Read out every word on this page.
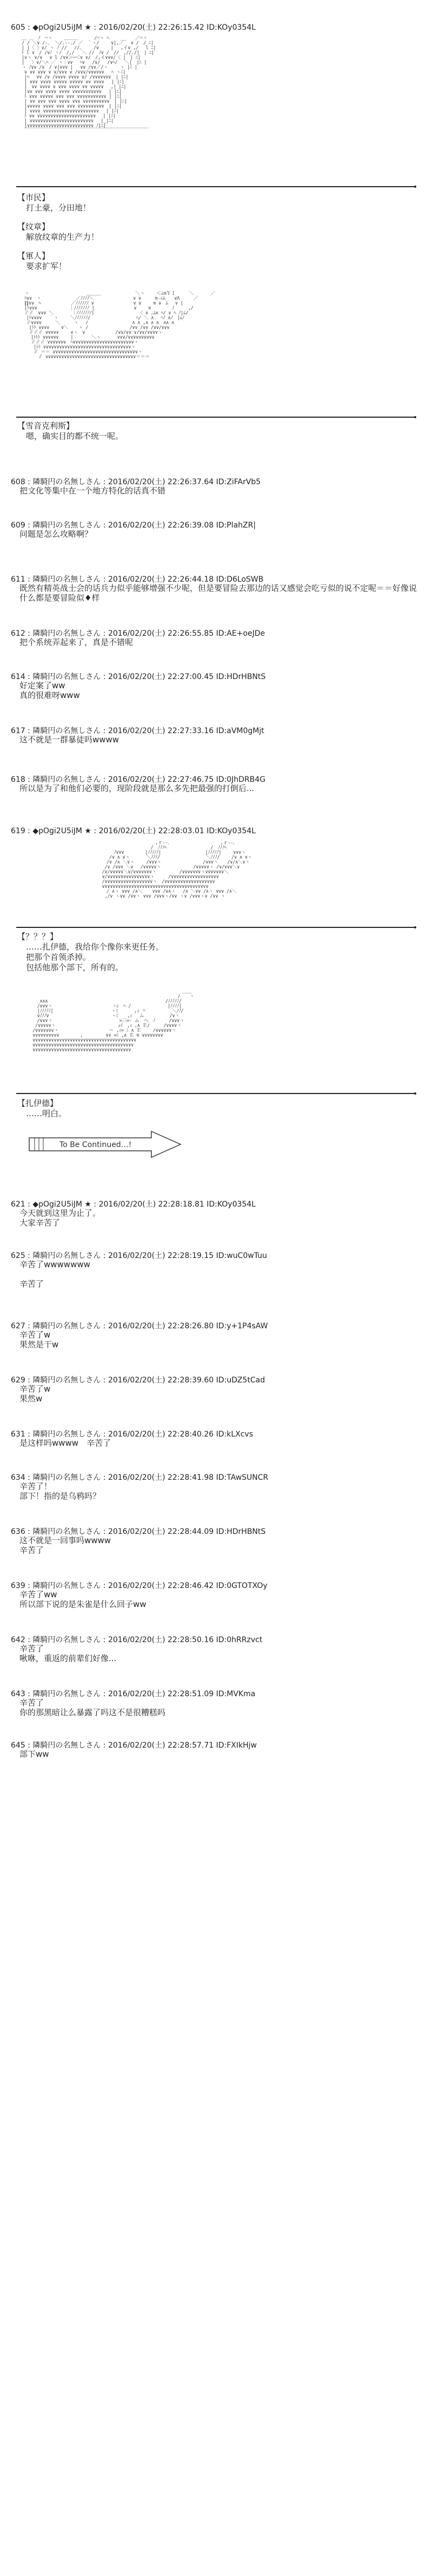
605 : ◆pOgi2U5iJM ★ : 2016/02/20(土) 22:26:15.42 ID:KOy0354L

＿ ＿　ﾉ　⌒ヽ　　 ＿＿＿　　　 /⌒ヽ ﾍ　　 __　　／⌒ヽ
/ / ＼∨ /-、 ＼/.--./ ／　｀ヽ/　　 ∨|,／　 ∨ /　/ ﾆ|
| |〈 〉∨/ ヽ ﾉ //　 //、　　 /∨　　 |　 ,イ∨ ,/　 l ﾆ|
ﾄ l ∨　/ /∨ﾉ ヽ/　/,/　 ＼ //　ﾉ∨ /　//　,//./|　| ﾆ|
|∨ヽ ∨/∨　 ∨ l /∨∨＞─＜∨ ∨/　/,イ∨∨∨/〈 |　| ﾆ|
|　 〉∨/＼ﾍ ／ ヽ｜∨∨　 ﾍ∨　 /∨/　 /∨ﾍ/　 ＼|　|ﾆ |
ヽ ﾉ∨∨ /∨　/ ∨|∨∨∨ |　 ∨∨ /∨∨／/ヽ　　 ヽ |ﾆ |
∨ ∨∨ ∨∨∨ ∨ ∨/∨∨∨ ∨ /∨∨∨/∨∨∨∨∨∨　 ﾍ ヽﾆ|
|ﾍ　 ∨∨ /∨ /∨∨∨∨ ∨∨∨∨ ∨/ /∨∨∨∨∨∨∨　| |ﾆ|
| ∨∨∨ ∨∨∨∨ ∨∨∨∨∨ ∨∨∨∨∨ ∨∨ ∨∨∨∨　 | |ﾆ|
|　∨∨ ∨∨∨∨ ∨ ∨∨∨ ∨∨∨∨ ∨∨ ∨∨∨∨∨　 ,| |ﾆ|
|∨∨ ∨∨∨ ∨∨∨∨ ∨∨∨∨ ∨∨∨∨∨∨∨∨∨∨∨　 | |ﾆ|
ﾄ ∨∨∨ ∨∨∨∨∨ ∨∨∨ ∨∨∨ ∨∨∨∨∨∨∨∨∨∨∨ | |ﾆ|
| ∨∨ ∨∨∨ ∨∨∨ ∨∨∨∨ ∨∨∨ ∨∨∨∨∨∨∨∨∨∨　| |ﾆ|
|∨∨∨∨∨ ∨∨∨∨ ∨∨∨ ∨∨∨ ∨∨∨∨∨∨∨∨∨∨　| |ﾆ|
| ∨∨∨∨ ∨∨∨∨∨∨∨∨∨∨∨∨∨∨∨∨∨∨∨∨∨　 | |ﾆ|
ﾄ ∨∨ ∨∨∨∨∨∨∨∨∨∨∨∨∨∨∨∨∨∨∨∨∨∨　 | |ﾆ|
| ∨∨∨∨∨∨∨∨∨∨∨∨∨∨∨∨∨∨∨∨∨∨∨∨　 |_|ﾆ|
|∨∨∨∨∨∨∨∨∨∨∨∨∨∨∨∨∨∨∨∨∨∨∨∨∨ ﾉ|ﾆ|
￣￣￣￣￣￣￣￣￣￣￣￣￣￣￣￣￣￣￣￣￣￣￣￣￣￣￣

【市民】
打土豪，分田地！
【纹章】
解放纹章的生产力！
【軍人】
要求扩军！

ヽ　　　　　　　　　　　　 ＿＿＿　　　　　　　 ＼ヽ　　 ＜∠≡ＹＩ　　　＼　　　 ／
ﾊ∨∨　ヽ　　　　　　　 ／ﾉﾉﾉﾉ＼　　　　　　　　 ∨ ∨　　　≡-∠ﾑ　　∨Λ　　　／
∥∥∨∨　ﾍ　　　　　　 ／ﾉﾉﾉﾉﾉﾉ ∨　　　　　　　　 ∨ ∨　　 ≡ ∨　ﾑ　 ∨ |
|ﾄ∨∨∨　　　　　　　｜ﾉﾉﾉﾉﾉﾉﾉ |　　　　　　　　 ∨　　 ≡　　　　 ﾉ　　　,/
∥∥　∨∨∨ ＼　　　　｜ﾉﾉﾉﾉﾉﾉﾉ|　　　　　　　　　 〈 ∧ ,ﾑ∧ ﾍ/ ∨ ﾍ ﾉ|ﾑ/
　|ﾄ∨∨∨∨　 ｀ヽ　　 ＼ﾉﾉﾉﾉﾉﾉ/　　　　　　　　　　ﾍ/ ＼ ∧ 　ﾍﾉ ∧ﾉ　|ﾑﾉ
　∥∨∨∨∨　　　＼　　　ヽ　 /　　　　　　　　　 ∧ ∧ ,∧ ∧ ∧　∧∧ ∧
　 |ﾄﾄ ∨∨∨∨　　 ∨＼ 　 ヽ /　　　　　　　　　/∨∨ /∨∨ /∨∨/∨∨∨
　 ∥∥∥ ∨∨∨∨∨　　 ∨ヽ　∨　　　　　　 /∨∨/∨∨ ∨/∨∨/∨∨∨∨ヽ
　　|ﾄﾄﾄ ∨∨∨∨∨∨　　 |　　　　＼ヽ　　　 ∨∨∨/∨∨∨∨∨∨∨∨∨∨
　　∥∥∥ ∨∨∨∨∨∨∨　ﾍ∨∨∨∨∨∨∨∨∨∨∨∨∨∨∨∨∨∨∨∨∨∨∨ヽ
　　 |ﾄﾄ ∨∨∨∨∨∨∨∨∨∨∨∨∨∨∨∨∨∨∨∨∨∨∨∨∨∨∨∨∨∨∨∨∨ヽ
　　 ∥ ＝＝ ∨∨∨∨∨∨∨∨∨∨∨∨∨∨∨∨∨∨∨∨∨∨∨∨∨∨∨∨∨∨∨∨ヽ
　　　 ∥ ∨∨∨∨∨∨∨∨∨∨∨∨∨∨∨∨∨∨∨∨∨∨∨∨∨∨∨∨∨∨∨∨∨∨＝＝＝

【雪音克利斯】
嗯，确实目的都不统一呢。
608 : 隣騎円の名無しさん : 2016/02/20(土) 22:26:37.64 ID:ZiFArVb5
把文化等集中在一个地方特化的话真不错
609 : 隣騎円の名無しさん : 2016/02/20(土) 22:26:39.08 ID:PlahZR|
问题是怎么攻略啊？
611 : 隣騎円の名無しさん : 2016/02/20(土) 22:26:44.18 ID:D6LoSWB
既然有精英战士会的话兵力似乎能够增强不少呢，但是要冒险去那边的话又感觉会吃亏似的说不定呢＝＝好像说什么都是要冒险似♦样
612 : 隣騎円の名無しさん : 2016/02/20(土) 22:26:55.85 ID:AE+oeJDe
把个系统弄起来了，真是不错呢
614 : 隣騎円の名無しさん : 2016/02/20(土) 22:27:00.45 ID:HDrHBNtS
好定案了ww
真的很难呀www
617 : 隣騎円の名無しさん : 2016/02/20(土) 22:27:33.16 ID:aVM0gMjt
这不就是一群暴徒吗wwww
618 : 隣騎円の名無しさん : 2016/02/20(土) 22:27:46.75 ID:0JhDRB4G
所以是为了和他们必要的，现阶段就是那么多先把最强的打倒后...
619 : ◆pOgi2U5iJM ★ : 2016/02/20(土) 22:28:03.01 ID:KOy0354L

　　　　　　　　　　　　 ,ｒ‐-､　　　　　　　　　　　,ｒ‐-､
　　　　　　　　　　　 /　ﾉﾉﾉﾍ　　　　　　　　　 /　ﾉﾉﾉﾍ
　　　 ﾉ∨∨∨　　　　 |ﾉﾉﾉﾉﾉ|　　　　　　　　　 |ﾉﾉﾉﾉﾉ|　　 ∨∨∨ヽ
　　 /∨ ∧ ∨ヽ　　　 ＼ﾉﾉﾉ/　　　　　　　　　　＼ﾉﾉﾉ/　　 /∨ ∧ ∨ヽ
　　/∨ /∧ ＼∨ヽ 　　/∨∨∨ヽ　　　　　　　　　/∨∨∨ヽ　　/∨/∧＼∨ヽ
　 /∨ /∨∨∨ ＼∨　 /∨∨∨∨∨ヽ　　　　　　　/∨∨∨∨∨ヽ /∨/∨∨∨＼∨
　/∨/∨∨∨∨∨＼∨/∨∨∨∨∨∨∨ヽ　　　　　/∨∨∨∨∨∨∨ヽ∨∨∨∨∨∨∨＼
　∨/∨∨∨∨∨∨∨∨∨∨∨∨∨∨∨∨ヽ　　　/∨∨∨∨∨∨∨∨∨∨∨∨∨∨∨∨∨∨
　/∨∨∨∨∨∨∨∨∨∨∨∨∨∨∨∨∨∨ヽ　/∨∨∨∨∨∨∨∨∨∨∨∨∨∨∨∨∨∨∨
　∨∨∨∨∨∨∨∨∨∨∨∨∨∨∨∨∨∨∨∨∨∨∨∨∨∨∨∨∨∨∨∨∨∨∨∨∨∨∨∨
　　/ ∧ヽ ∨∨∨ /∧＼ 　 ∨∨∨ /∨∧ヽ　 /∧ ＼∨∨ /∧ヽ ∨∨∨ /∧＼
　 ,/∨ ヽ∨∨ /∨∨ヽ ∨∨∨ /∨∨∨ヽ/∨∨ ヽ∨ /∨∨∨ヽ∨ /∨∨ ヽ

【？？？】
……扎伊德，我给你个像你来更任务。
把那个首领杀掉。
包括他那个部下，所有的。

　　　　　　　　　　　　　　　　　　　　　　　　　　　　　　　　 ＿＿
　　　　　　　　　　　　　　　　　　　　　　　　　　　　　　　 /　　ヽ
　 ∧∧∧　　　　　　　　　　　　　　　　　　　　　　　　　 /ﾉﾉﾉﾉﾉ/
　/∨∨∨ヽ　　　　　　　　　　　　　ヽﾚ　ﾍ /　　　　　　　　|ﾉﾉﾉﾉ|
　|ﾉﾉﾉﾉﾉ|　　　　　　　　　　　 　ヽﾐ　　　 ,ｨ 〃　　　　　 ＼ﾉﾉ/
　∨ﾉﾉﾉ∨　　　　　　　　　　　　　 ヽﾐ　　,ｨ　 ム　　　　　 /∨ヽ
　/∨∨∨ヽ　　　　　　　　　　　　　　 >三=- ム　ヘ　ﾉ　　　/∨∨∨ヽ
/∨∨∨∨∨ヽ　　　　　　　　　　　　　 ｪｲ　,ｨ ,∧ Ｅ/　　　/∨∨∨∨ヽ
/∨∨∨∨∨∨∨ヽ　　　　　　　　　　　＝ ,ｨ= ﾆ ∧ Ｅ　　 /∨∨∨∨∨∨ヽ
∨∨∨∨∨∨∨∨∨∨　　　　 ,　　　　　∨∨ =ﾆ ,∧ Ｅ ≡ ∨∨∨∨∨∨∨∨
∨∨∨∨∨∨∨∨∨∨∨∨∨∨∨∨∨∨∨∨∨∨∨∨∨∨∨∨∨∨∨∨∨∨∨∨∨∨∨
∨∨∨∨∨∨∨∨∨∨∨∨∨∨∨∨∨∨∨∨∨∨∨∨∨∨∨∨∨∨∨∨∨∨∨∨∨∨
∨∨∨∨∨∨∨∨∨∨∨∨∨∨∨∨∨∨∨∨∨∨∨∨∨∨∨∨∨∨∨∨∨∨∨∨∨

【扎伊德】
……明白。
To Be Continued…!
621 : ◆pOgi2U5iJM ★ : 2016/02/20(土) 22:28:18.81 ID:KOy0354L
今天就到这里为止了。
大家辛苦了
625 : 隣騎円の名無しさん : 2016/02/20(土) 22:28:19.15 ID:wuC0wTuu
辛苦了wwwwwww

辛苦了
627 : 隣騎円の名無しさん : 2016/02/20(土) 22:28:26.80 ID:y+1P4sAW
辛苦了w
果然是干w
629 : 隣騎円の名無しさん : 2016/02/20(土) 22:28:39.60 ID:uDZ5tCad
辛苦了w
果然w
631 : 隣騎円の名無しさん : 2016/02/20(土) 22:28:40.26 ID:kLXcvs
是这样吗wwww　辛苦了
634 : 隣騎円の名無しさん : 2016/02/20(土) 22:28:41.98 ID:TAwSUNCR
辛苦了！
部下！指的是乌鸦吗？
636 : 隣騎円の名無しさん : 2016/02/20(土) 22:28:44.09 ID:HDrHBNtS
这不就是一回事吗wwww
辛苦了
639 : 隣騎円の名無しさん : 2016/02/20(土) 22:28:46.42 ID:0GTOTXOy
辛苦了ww
所以部下说的是朱雀是什么回子ww
642 : 隣騎円の名無しさん : 2016/02/20(土) 22:28:50.16 ID:0hRRzvct
辛苦了
啾咻，重返的前辈们好像...
643 : 隣騎円の名無しさん : 2016/02/20(土) 22:28:51.09 ID:MVKma
辛苦了
你的那黑暗让么暴露了吗这不是很糟糕吗
645 : 隣騎円の名無しさん : 2016/02/20(土) 22:28:57.71 ID:FXIkHjw
部下ww
